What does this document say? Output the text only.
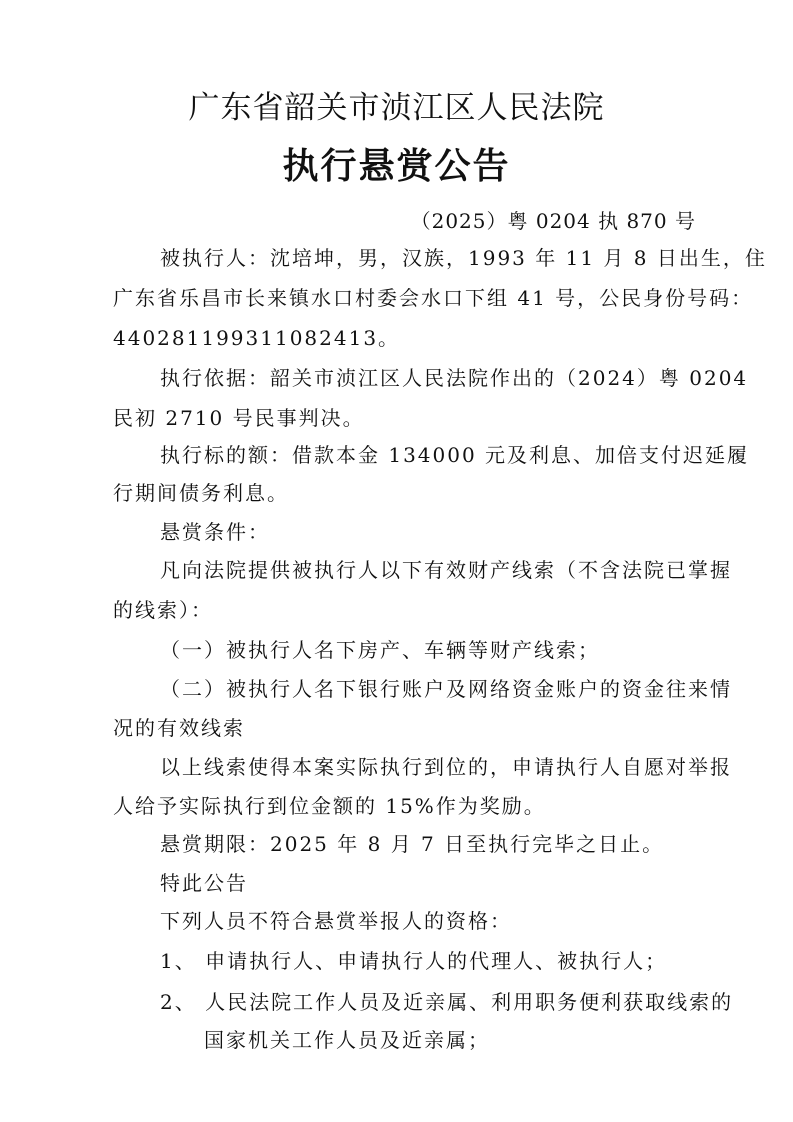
广东省韶关市浈江区人民法院
执行悬赏公告
（2025）粤 0204 执 870 号
被执行人：沈培坤，男，汉族，1993 年 11 月 8 日出生，住
广东省乐昌市长来镇水口村委会水口下组 41 号，公民身份号码：
440281199311082413。
执行依据：韶关市浈江区人民法院作出的（2024）粤 0204
民初 2710 号民事判决。
执行标的额：借款本金 134000 元及利息、加倍支付迟延履
行期间债务利息。
悬赏条件：
凡向法院提供被执行人以下有效财产线索（不含法院已掌握
的线索）：
（一）被执行人名下房产、车辆等财产线索；
（二）被执行人名下银行账户及网络资金账户的资金往来情
况的有效线索
以上线索使得本案实际执行到位的，申请执行人自愿对举报
人给予实际执行到位金额的 15%作为奖励。
悬赏期限：2025 年 8 月 7 日至执行完毕之日止。
特此公告
下列人员不符合悬赏举报人的资格：
1、 申请执行人、申请执行人的代理人、被执行人；
2、 人民法院工作人员及近亲属、利用职务便利获取线索的
国家机关工作人员及近亲属；
